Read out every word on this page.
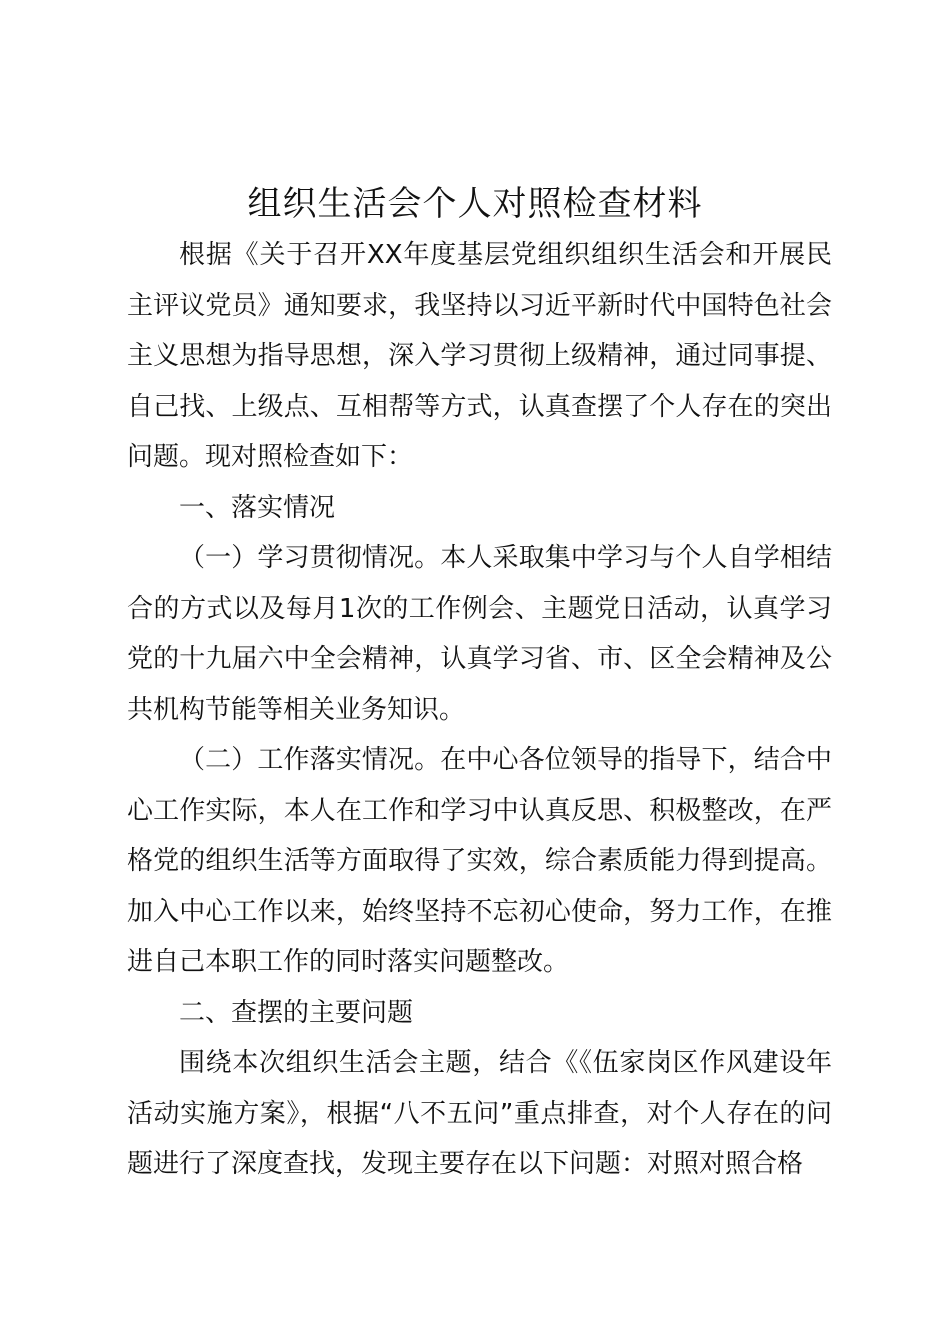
组织生活会个人对照检查材料

根据《关于召开XX年度基层党组织组织生活会和开展民主评议党员》通知要求，我坚持以习近平新时代中国特色社会主义思想为指导思想，深入学习贯彻上级精神，通过同事提、自己找、上级点、互相帮等方式，认真查摆了个人存在的突出问题。现对照检查如下：

一、落实情况

（一）学习贯彻情况。本人采取集中学习与个人自学相结合的方式以及每月1次的工作例会、主题党日活动，认真学习党的十九届六中全会精神，认真学习省、市、区全会精神及公共机构节能等相关业务知识。

（二）工作落实情况。在中心各位领导的指导下，结合中心工作实际，本人在工作和学习中认真反思、积极整改，在严格党的组织生活等方面取得了实效，综合素质能力得到提高。加入中心工作以来，始终坚持不忘初心使命，努力工作，在推进自己本职工作的同时落实问题整改。

二、查摆的主要问题

围绕本次组织生活会主题，结合《《伍家岗区作风建设年活动实施方案》，根据“八不五问”重点排查，对个人存在的问题进行了深度查找，发现主要存在以下问题：对照对照合格
